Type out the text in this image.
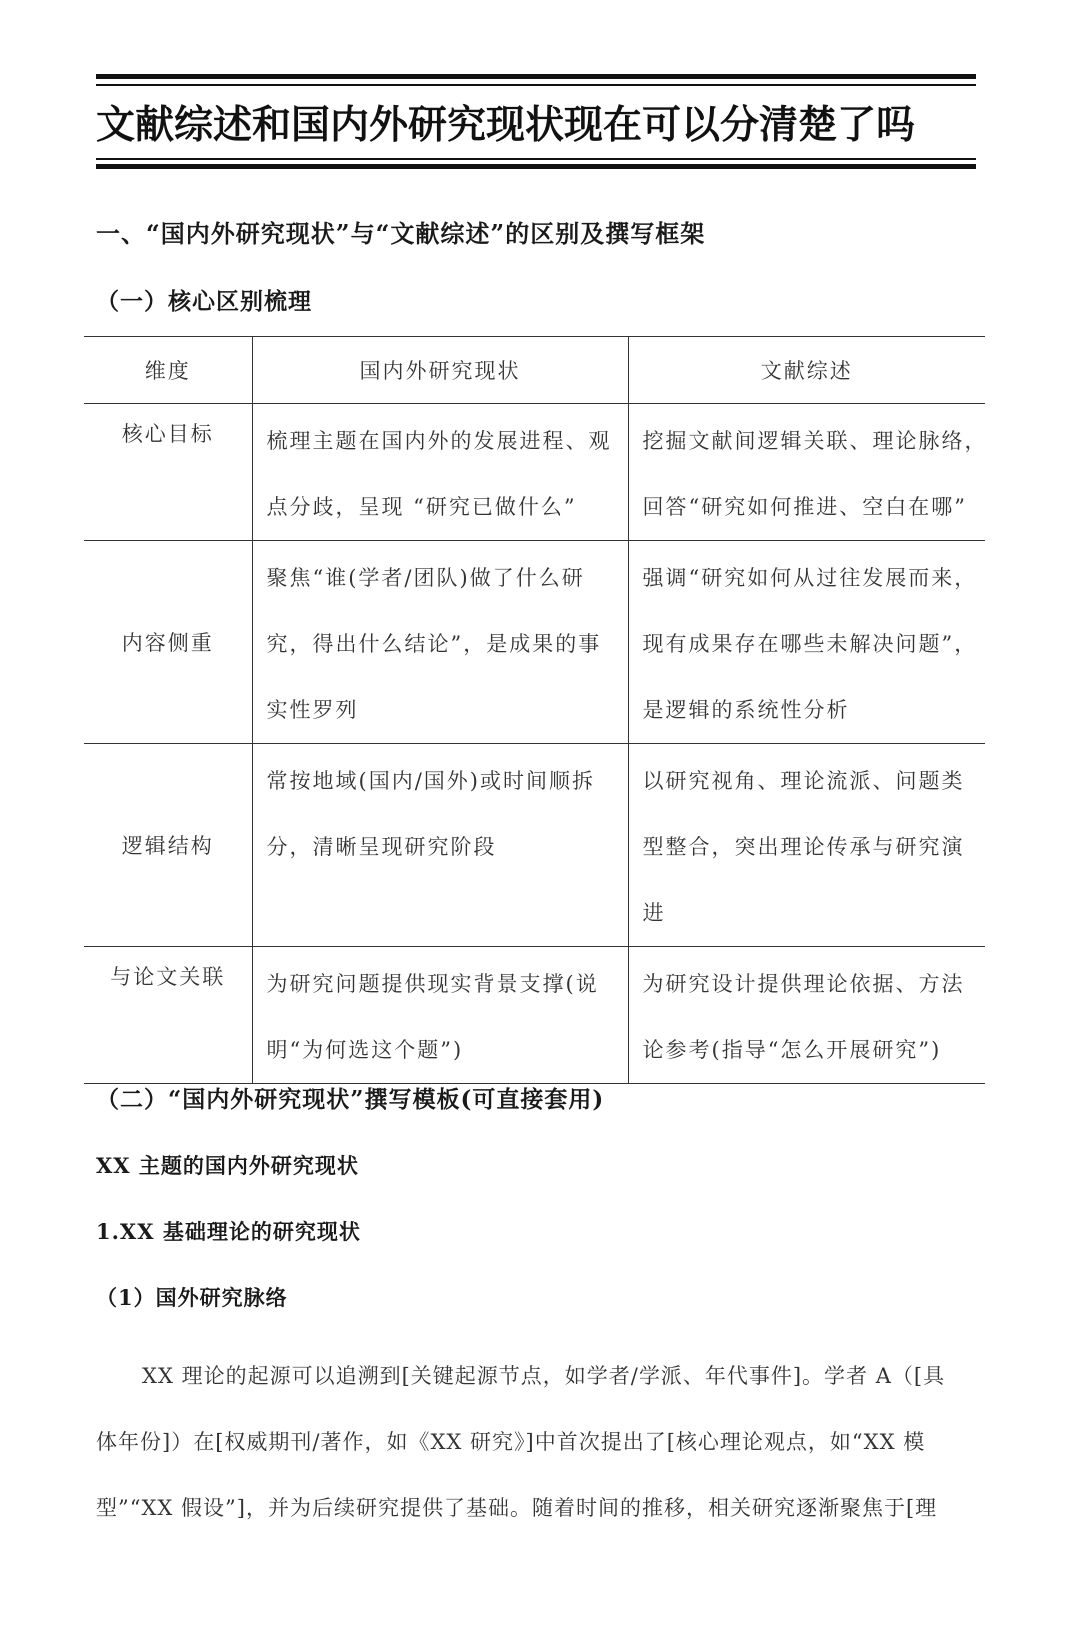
文献综述和国内外研究现状现在可以分清楚了吗
一、“国内外研究现状”与“文献综述”的区别及撰写框架
（一）核心区别梳理
维度	国内外研究现状	文献综述
核心目标	梳理主题在国内外的发展进程、观
点分歧，呈现 “研究已做什么”	挖掘文献间逻辑关联、理论脉络，
回答“研究如何推进、空白在哪”

内容侧重	聚焦“谁(学者/团队)做了什么研
究，得出什么结论”，是成果的事
实性罗列	强调“研究如何从过往发展而来，
现有成果存在哪些未解决问题”，
是逻辑的系统性分析

逻辑结构	常按地域(国内/国外)或时间顺拆
分，清晰呈现研究阶段	以研究视角、理论流派、问题类
型整合，突出理论传承与研究演
进

与论文关联	为研究问题提供现实背景支撑(说
明“为何选这个题”)	为研究设计提供理论依据、方法
论参考(指导“怎么开展研究”)
（二）“国内外研究现状”撰写模板(可直接套用)
XX 主题的国内外研究现状
1.XX 基础理论的研究现状
（1）国外研究脉络
XX 理论的起源可以追溯到[关键起源节点，如学者/学派、年代事件]。学者 A（[具
体年份]）在[权威期刊/著作，如《XX 研究》]中首次提出了[核心理论观点，如“XX 模
型”“XX 假设”]，并为后续研究提供了基础。随着时间的推移，相关研究逐渐聚焦于[理
